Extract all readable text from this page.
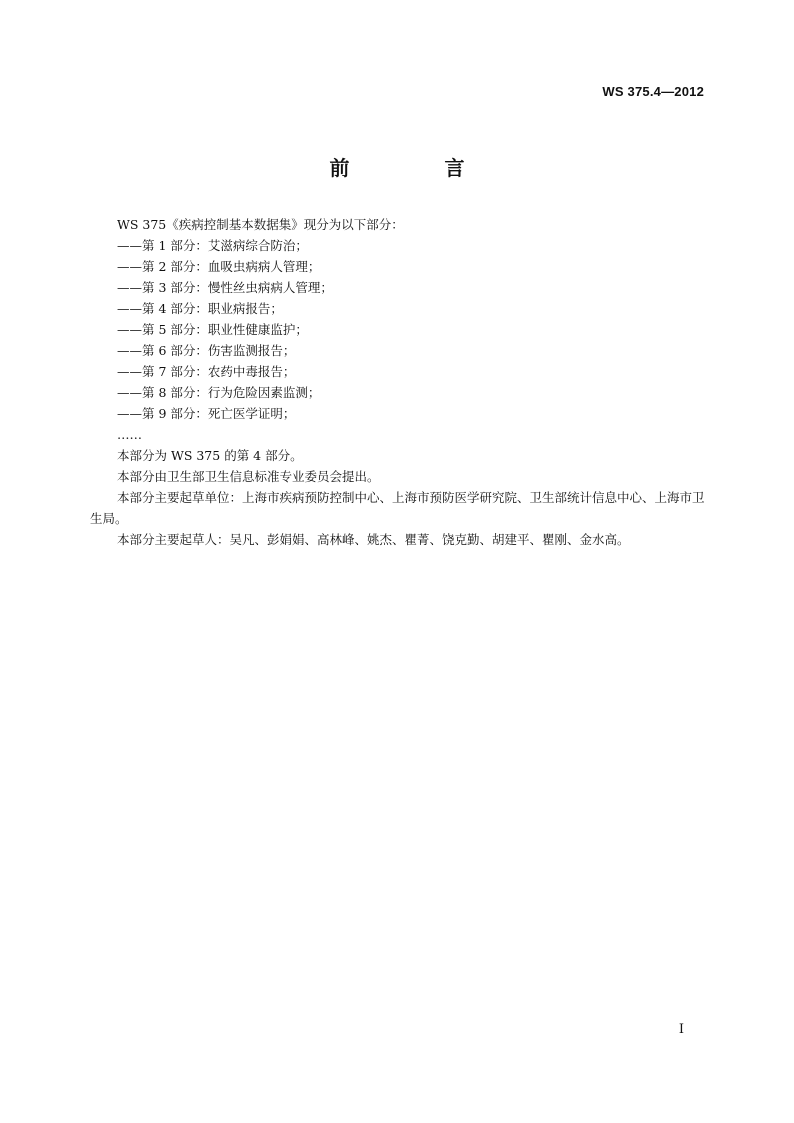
WS 375.4—2012
前 言
WS 375《疾病控制基本数据集》现分为以下部分：
——第 1 部分：艾滋病综合防治；
——第 2 部分：血吸虫病病人管理；
——第 3 部分：慢性丝虫病病人管理；
——第 4 部分：职业病报告；
——第 5 部分：职业性健康监护；
——第 6 部分：伤害监测报告；
——第 7 部分：农药中毒报告；
——第 8 部分：行为危险因素监测；
——第 9 部分：死亡医学证明；
……
本部分为 WS 375 的第 4 部分。
本部分由卫生部卫生信息标准专业委员会提出。
本部分主要起草单位：上海市疾病预防控制中心、上海市预防医学研究院、卫生部统计信息中心、上海市卫生局。
本部分主要起草人：吴凡、彭娟娟、高林峰、姚杰、瞿菁、饶克勤、胡建平、瞿刚、金水高。
I
